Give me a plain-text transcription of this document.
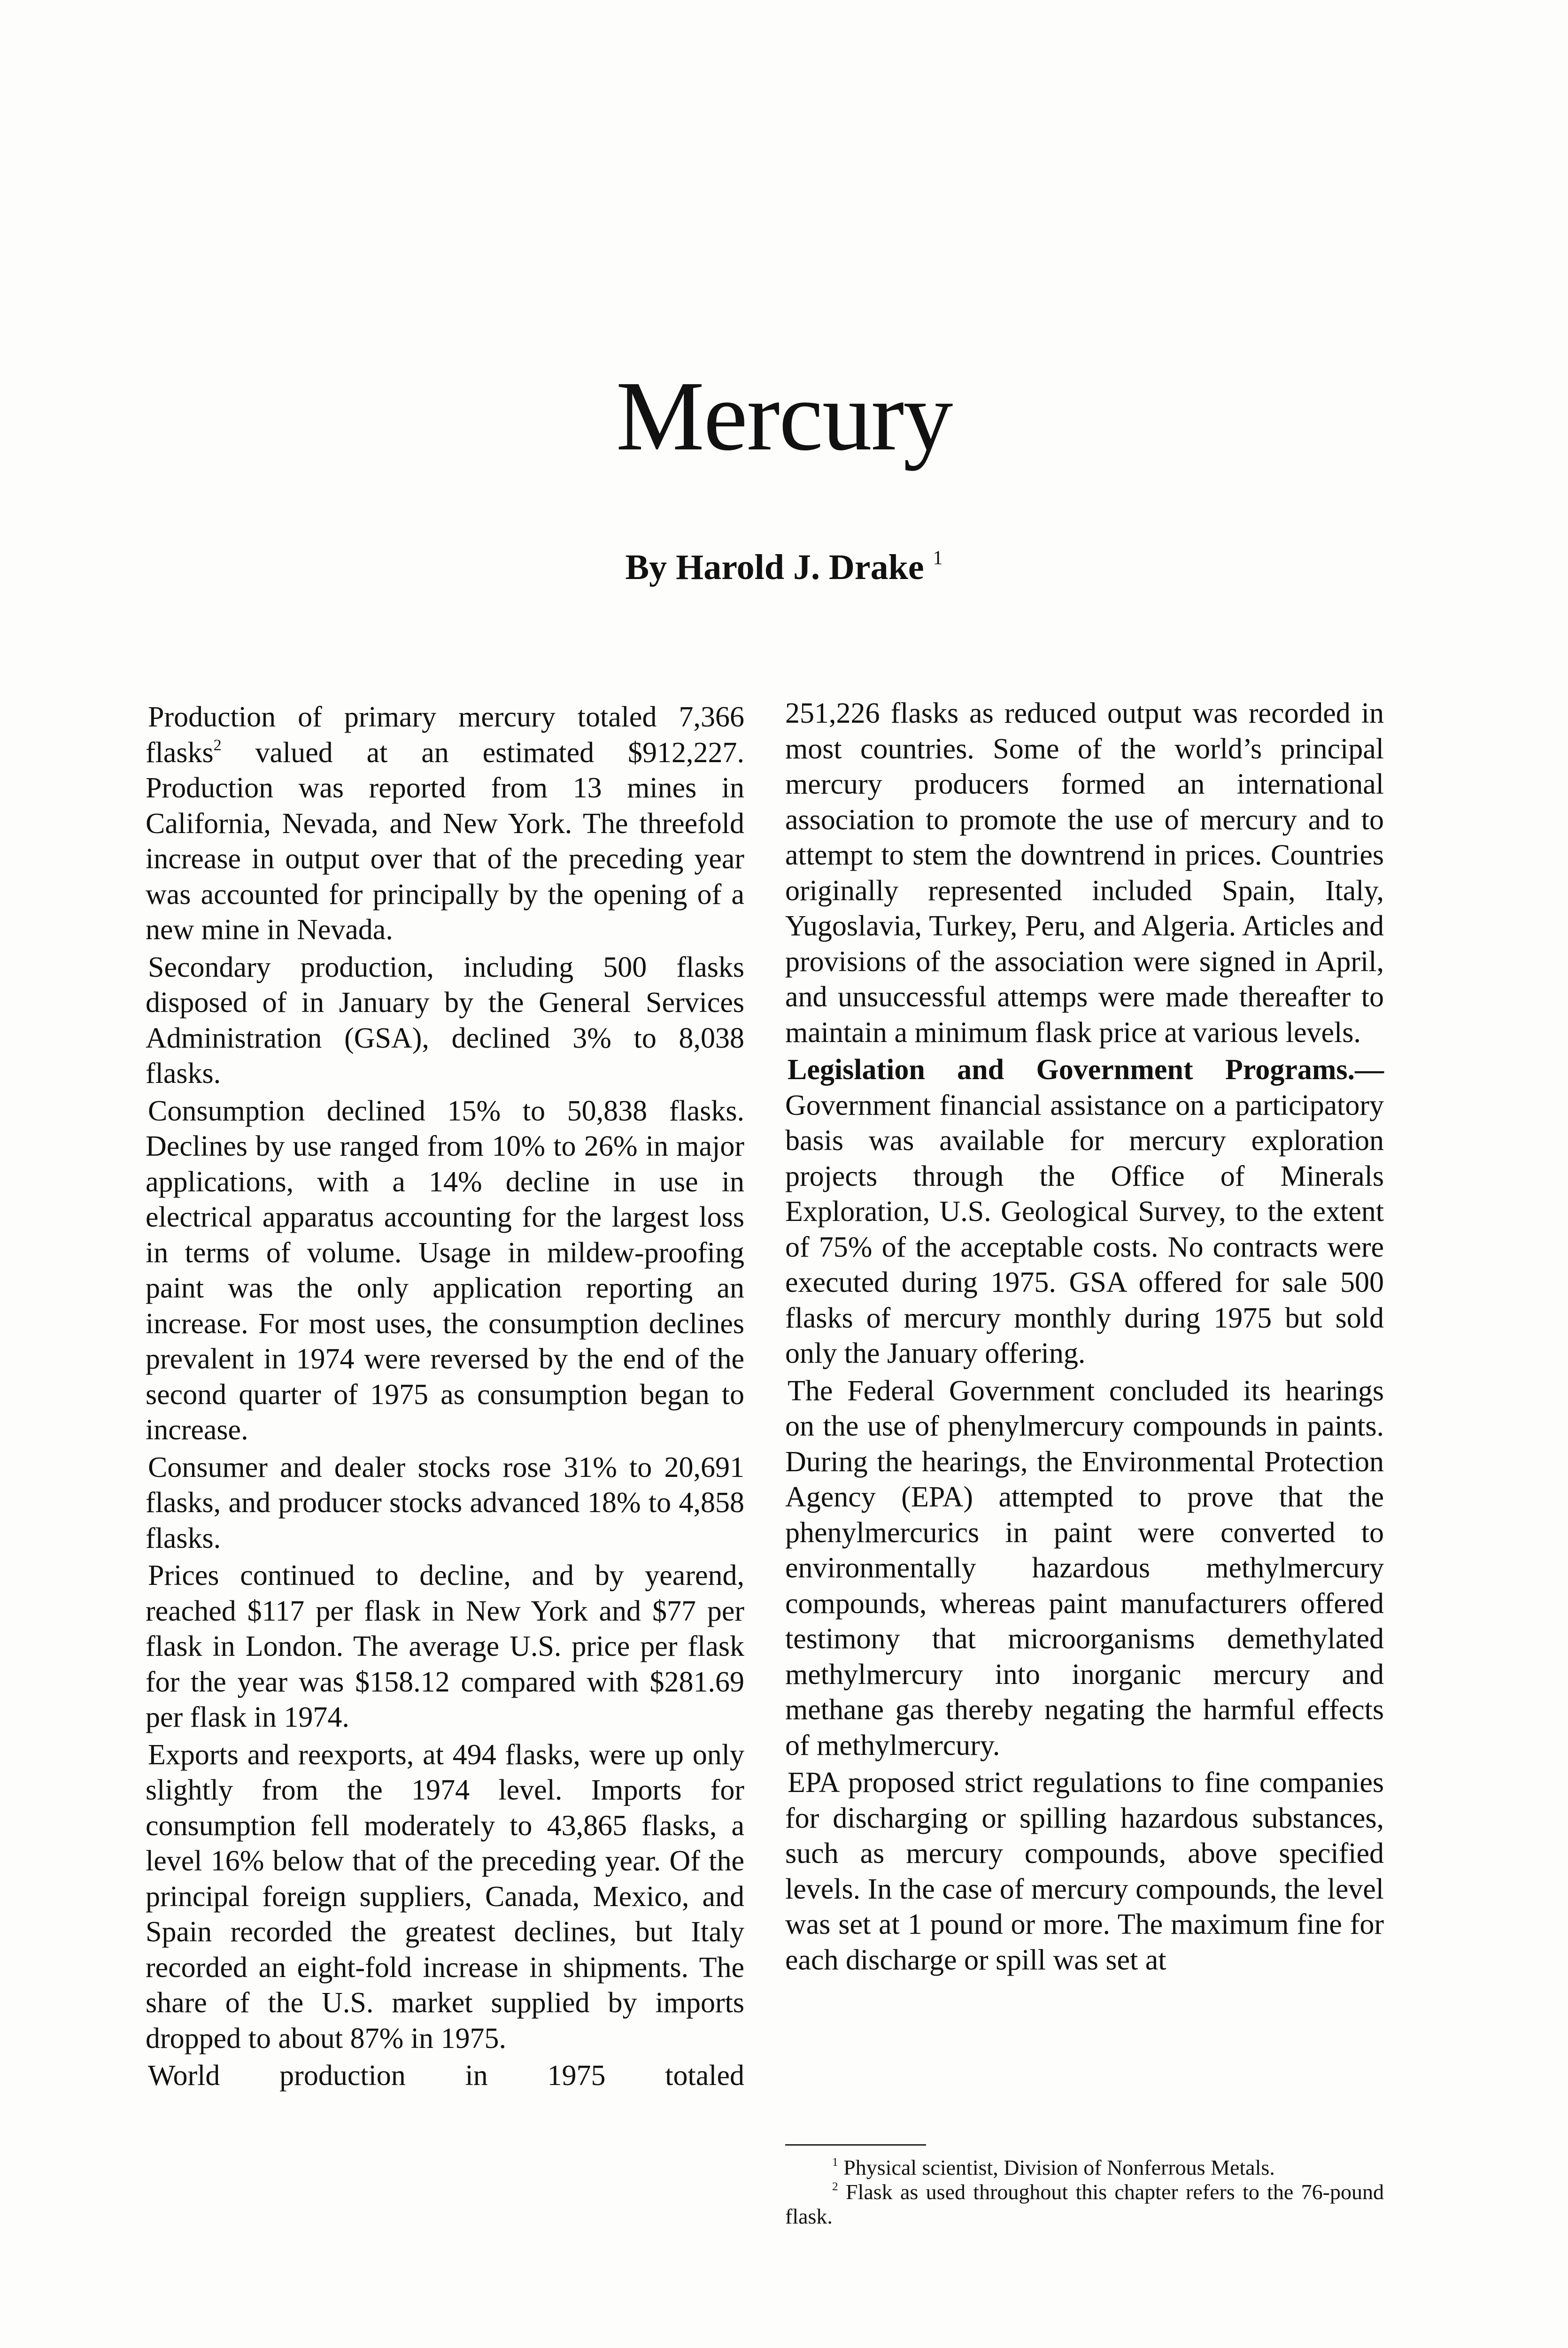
Mercury
By Harold J. Drake $^1$

Production of primary mercury totaled 7,366 flasks$^2$ valued at an estimated $912,227. Production was reported from 13 mines in California, Nevada, and New York. The threefold increase in output over that of the preceding year was accounted for principally by the opening of a new mine in Nevada.

Secondary production, including 500 flasks disposed of in January by the General Services Administration (GSA), declined 3% to 8,038 flasks.

Consumption declined 15% to 50,838 flasks. Declines by use ranged from 10% to 26% in major applications, with a 14% decline in use in electrical apparatus accounting for the largest loss in terms of volume. Usage in mildew-proofing paint was the only application reporting an increase. For most uses, the consumption declines prevalent in 1974 were reversed by the end of the second quarter of 1975 as consumption began to increase.

Consumer and dealer stocks rose 31% to 20,691 flasks, and producer stocks advanced 18% to 4,858 flasks.

Prices continued to decline, and by yearend, reached $117 per flask in New York and $77 per flask in London. The average U.S. price per flask for the year was $158.12 compared with $281.69 per flask in 1974.

Exports and reexports, at 494 flasks, were up only slightly from the 1974 level. Imports for consumption fell moderately to 43,865 flasks, a level 16% below that of the preceding year. Of the principal foreign suppliers, Canada, Mexico, and Spain recorded the greatest declines, but Italy recorded an eight-fold increase in shipments. The share of the U.S. market supplied by imports dropped to about 87% in 1975.

World production in 1975 totaled

251,226 flasks as reduced output was recorded in most countries. Some of the world’s principal mercury producers formed an international association to promote the use of mercury and to attempt to stem the downtrend in prices. Countries originally represented included Spain, Italy, Yugoslavia, Turkey, Peru, and Algeria. Articles and provisions of the association were signed in April, and unsuccessful attemps were made thereafter to maintain a minimum flask price at various levels.

Legislation and Government Programs.—Government financial assistance on a participatory basis was available for mercury exploration projects through the Office of Minerals Exploration, U.S. Geological Survey, to the extent of 75% of the acceptable costs. No contracts were executed during 1975. GSA offered for sale 500 flasks of mercury monthly during 1975 but sold only the January offering.

The Federal Government concluded its hearings on the use of phenylmercury compounds in paints. During the hearings, the Environmental Protection Agency (EPA) attempted to prove that the phenylmercurics in paint were converted to environmentally hazardous methylmercury compounds, whereas paint manufacturers offered testimony that microorganisms demethylated methylmercury into inorganic mercury and methane gas thereby negating the harmful effects of methylmercury.

EPA proposed strict regulations to fine companies for discharging or spilling hazardous substances, such as mercury compounds, above specified levels. In the case of mercury compounds, the level was set at 1 pound or more. The maximum fine for each discharge or spill was set at

$^1$ Physical scientist, Division of Nonferrous Metals.

$^2$ Flask as used throughout this chapter refers to the 76-pound flask.
